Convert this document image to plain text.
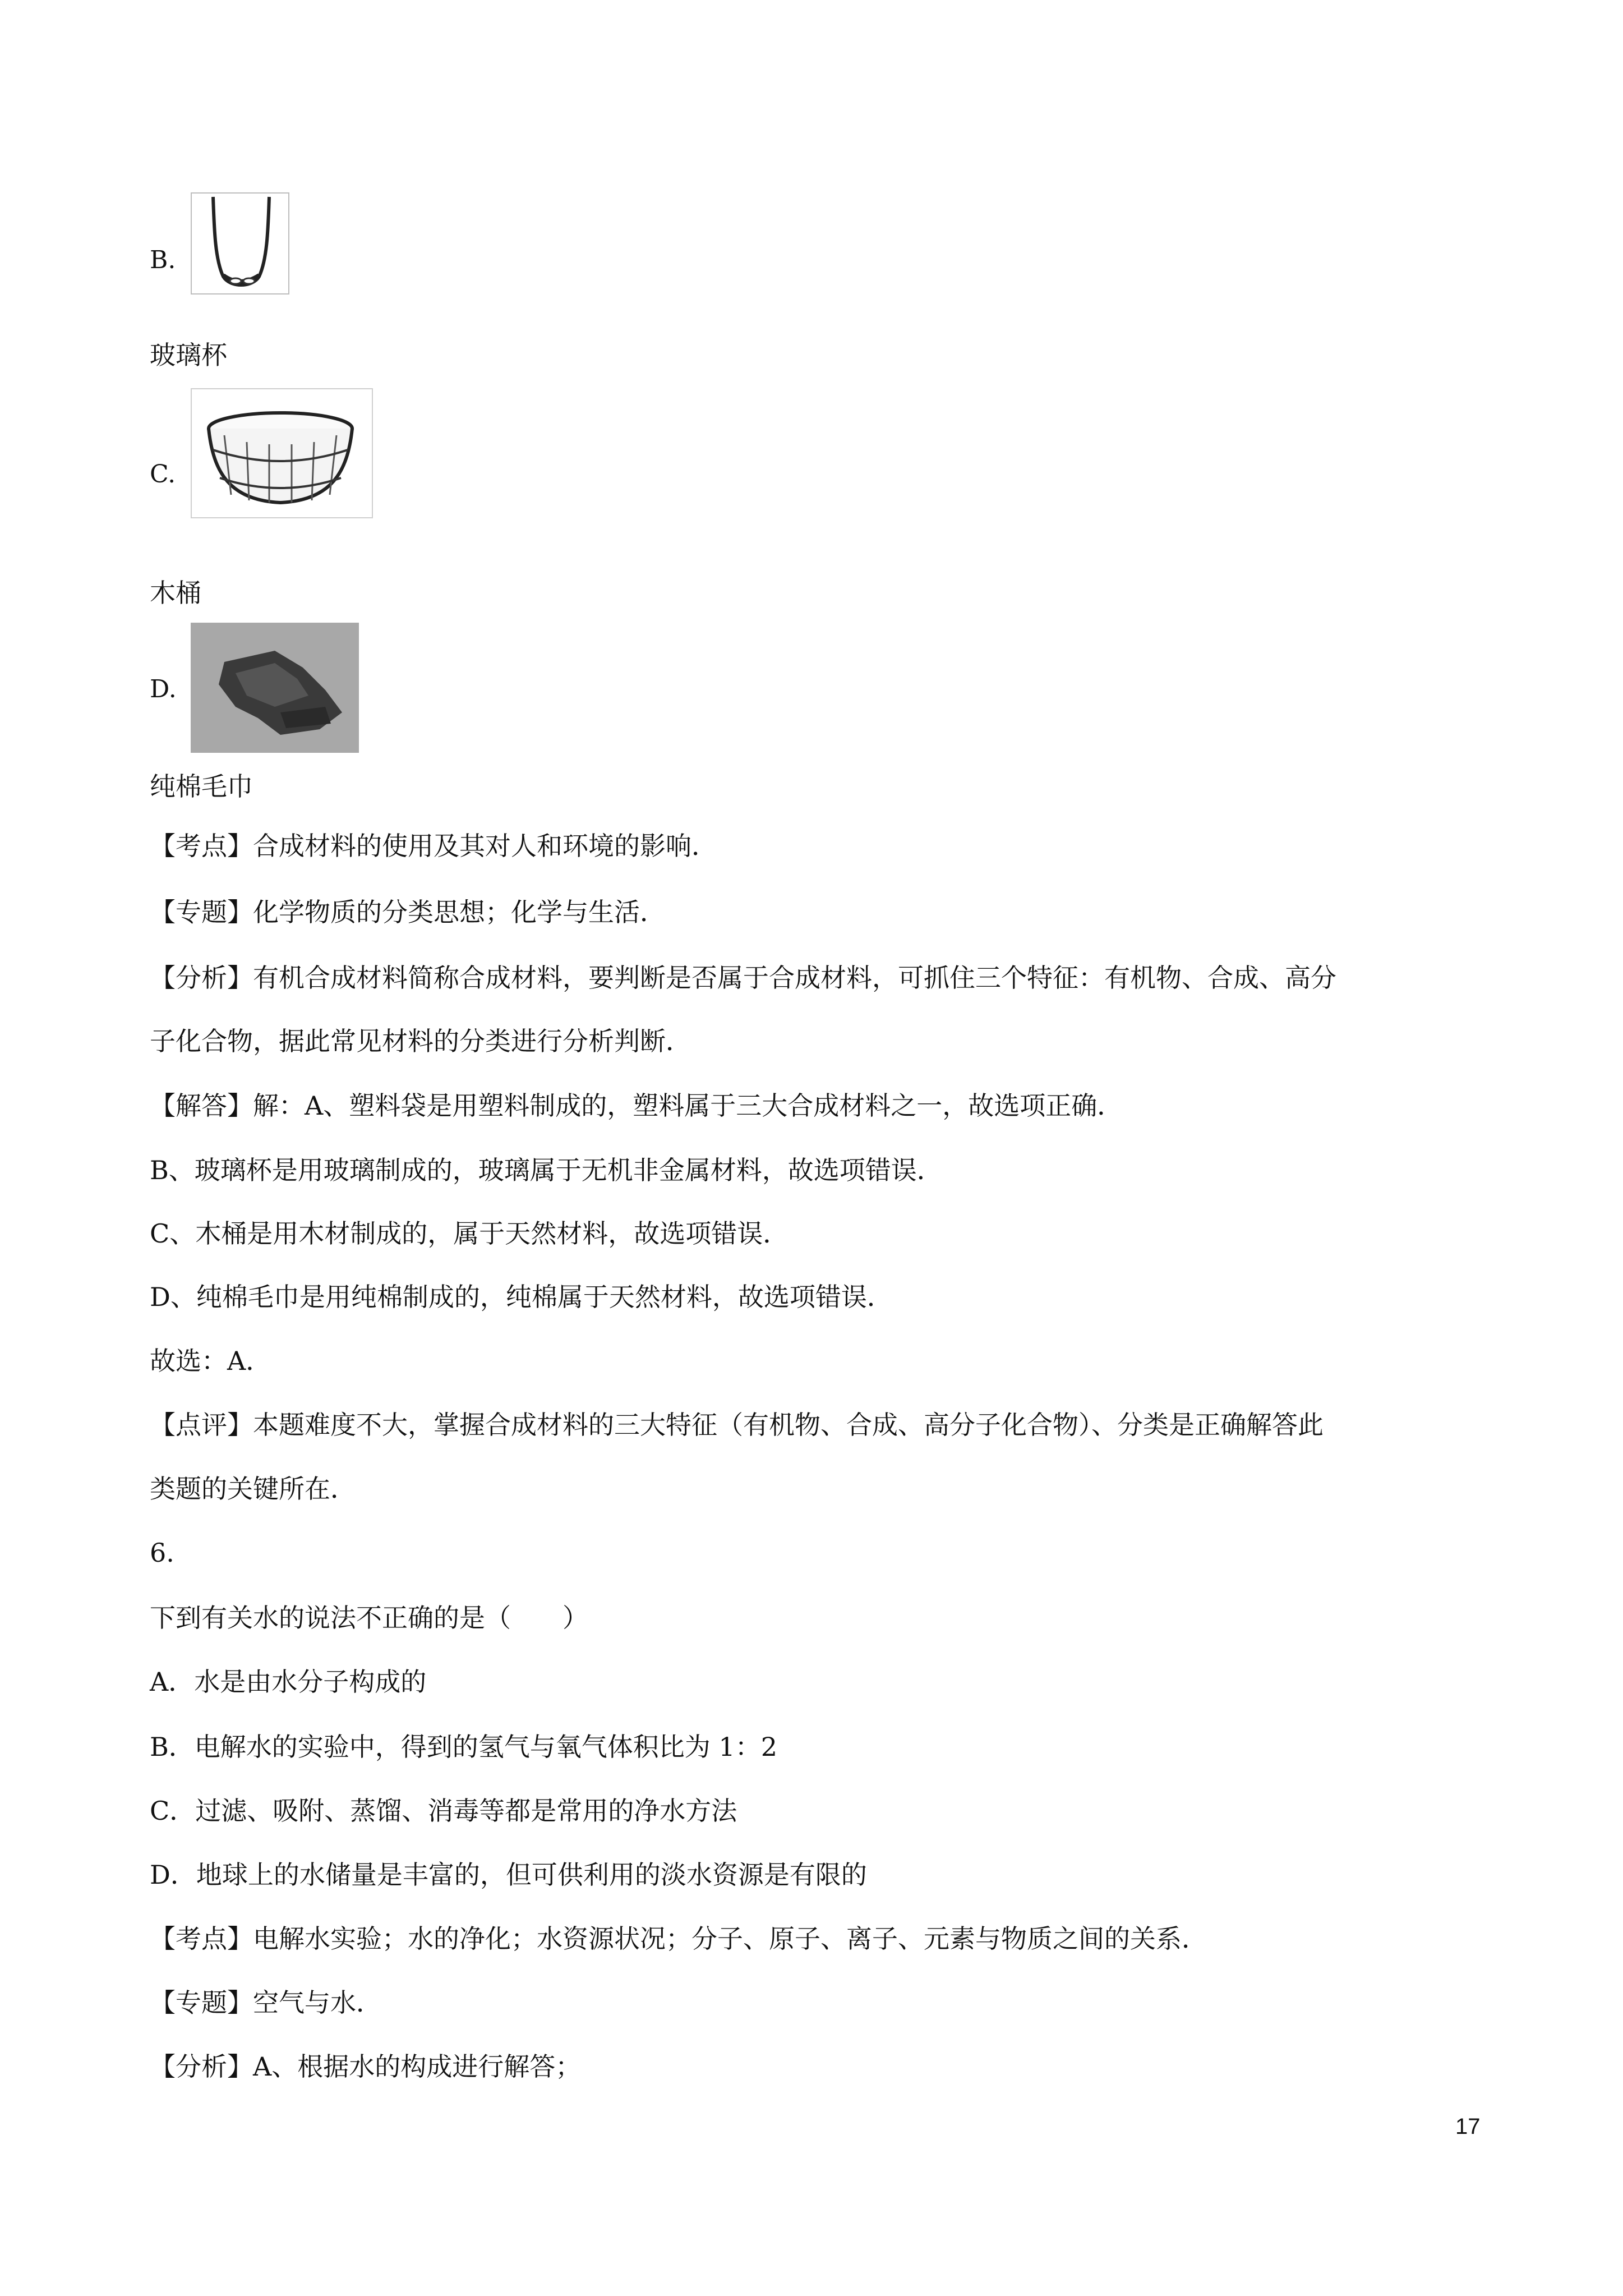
B.
玻璃杯
C.
木桶
D.
纯棉毛巾
【考点】合成材料的使用及其对人和环境的影响．
【专题】化学物质的分类思想；化学与生活．
【分析】有机合成材料简称合成材料，要判断是否属于合成材料，可抓住三个特征：有机物、合成、高分
子化合物，据此常见材料的分类进行分析判断．
【解答】解：A、塑料袋是用塑料制成的，塑料属于三大合成材料之一，故选项正确．
B、玻璃杯是用玻璃制成的，玻璃属于无机非金属材料，故选项错误．
C、木桶是用木材制成的，属于天然材料，故选项错误．
D、纯棉毛巾是用纯棉制成的，纯棉属于天然材料，故选项错误．
故选：A．
【点评】本题难度不大，掌握合成材料的三大特征（有机物、合成、高分子化合物）、分类是正确解答此
类题的关键所在．
6.
下到有关水的说法不正确的是（　　）
A．水是由水分子构成的
B．电解水的实验中，得到的氢气与氧气体积比为 1：2
C．过滤、吸附、蒸馏、消毒等都是常用的净水方法
D．地球上的水储量是丰富的，但可供利用的淡水资源是有限的
【考点】电解水实验；水的净化；水资源状况；分子、原子、离子、元素与物质之间的关系．
【专题】空气与水．
【分析】A、根据水的构成进行解答；
17
